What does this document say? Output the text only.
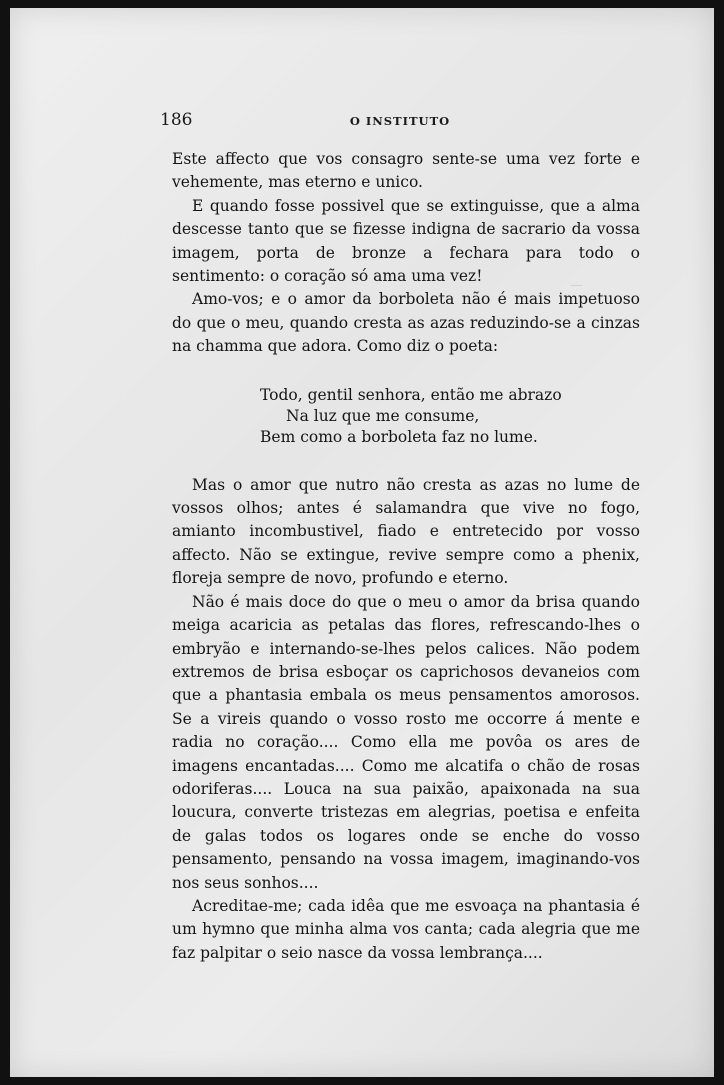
—
186	O INSTITUTO

Este affecto que vos consagro sente-se uma vez forte e vehemente, mas eterno e unico.

E quando fosse possivel que se extinguisse, que a alma descesse tanto que se fizesse indigna de sacrario da vossa imagem, porta de bronze a fechara para todo o sentimento: o coração só ama uma vez!

Amo-vos; e o amor da borboleta não é mais impetuoso do que o meu, quando cresta as azas reduzindo-se a cinzas na chamma que adora. Como diz o poeta:

Todo, gentil senhora, então me abrazo
Na luz que me consume,
Bem como a borboleta faz no lume.

Mas o amor que nutro não cresta as azas no lume de vossos olhos; antes é salamandra que vive no fogo, amianto incombustivel, fiado e entretecido por vosso affecto. Não se extingue, revive sempre como a phenix, floreja sempre de novo, profundo e eterno.

Não é mais doce do que o meu o amor da brisa quando meiga acaricia as petalas das flores, refrescando-lhes o embryão e internando-se-lhes pelos calices. Não podem extremos de brisa esboçar os caprichosos devaneios com que a phantasia embala os meus pensamentos amorosos. Se a vireis quando o vosso rosto me occorre á mente e radia no coração.... Como ella me povôa os ares de imagens encantadas.... Como me alcatifa o chão de rosas odoriferas.... Louca na sua paixão, apaixonada na sua loucura, converte tristezas em alegrias, poetisa e enfeita de galas todos os logares onde se enche do vosso pensamento, pensando na vossa imagem, imaginando-vos nos seus sonhos....

Acreditae-me; cada idêa que me esvoaça na phantasia é um hymno que minha alma vos canta; cada alegria que me faz palpitar o seio nasce da vossa lembrança....
